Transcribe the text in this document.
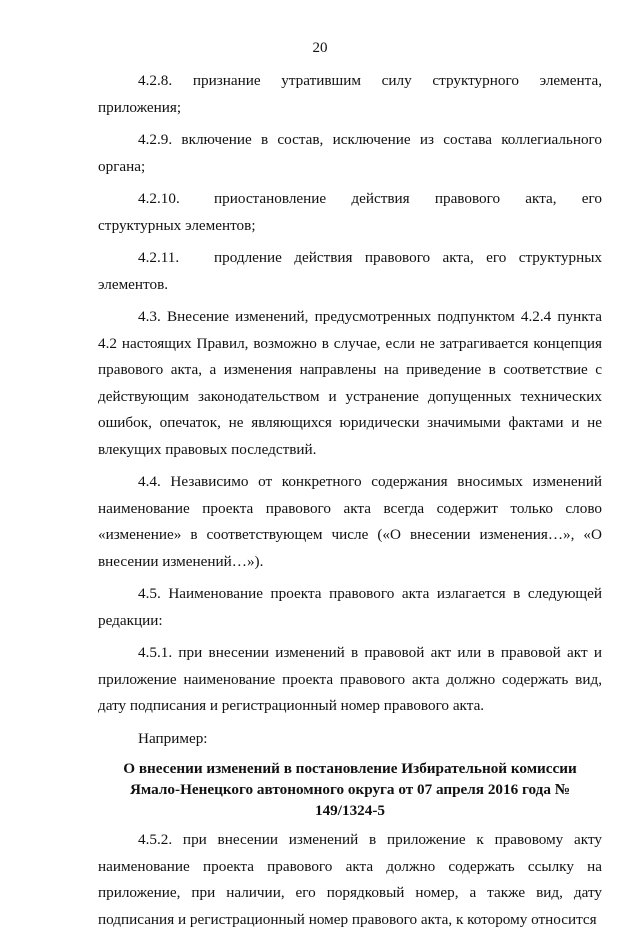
20

4.2.8. признание утратившим силу структурного элемента, приложения;

4.2.9. включение в состав, исключение из состава коллегиального органа;

4.2.10. приостановление действия правового акта, его структурных элементов;

4.2.11. продление действия правового акта, его структурных элементов.

4.3. Внесение изменений, предусмотренных подпунктом 4.2.4 пункта 4.2 настоящих Правил, возможно в случае, если не затрагивается концепция правового акта, а изменения направлены на приведение в соответствие с действующим законодательством и устранение допущенных технических ошибок, опечаток, не являющихся юридически значимыми фактами и не влекущих правовых последствий.

4.4. Независимо от конкретного содержания вносимых изменений наименование проекта правового акта всегда содержит только слово «изменение» в соответствующем числе («О внесении изменения…», «О внесении изменений…»).

4.5. Наименование проекта правового акта излагается в следующей редакции:

4.5.1. при внесении изменений в правовой акт или в правовой акт и приложение наименование проекта правового акта должно содержать вид, дату подписания и регистрационный номер правового акта.

Например:

О внесении изменений в постановление Избирательной комиссии Ямало-Ненецкого автономного округа от 07 апреля 2016 года № 149/1324-5

4.5.2. при внесении изменений в приложение к правовому акту наименование проекта правового акта должно содержать ссылку на приложение, при наличии, его порядковый номер, а также вид, дату подписания и регистрационный номер правового акта, к которому относится
